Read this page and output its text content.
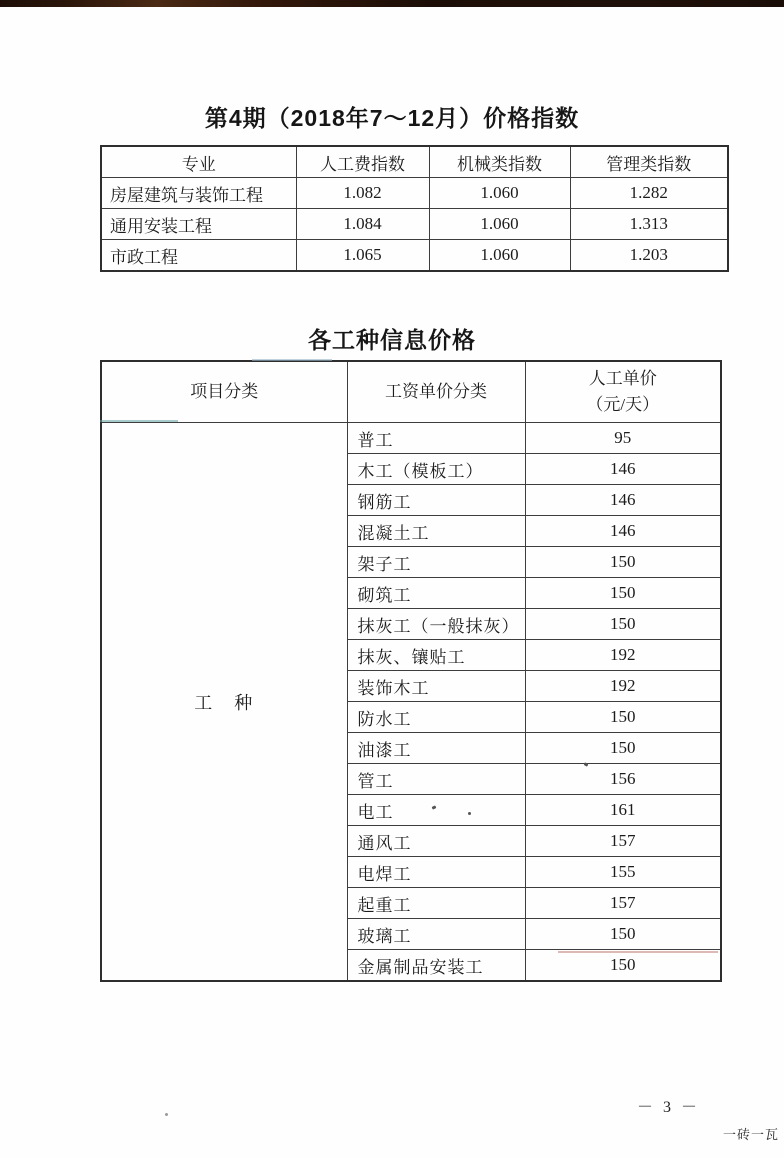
第4期（2018年7～12月）价格指数
专业	人工费指数	机械类指数	管理类指数
房屋建筑与装饰工程	1.082	1.060	1.282
通用安装工程	1.084	1.060	1.313
市政工程	1.065	1.060	1.203
各工种信息价格
项目分类	工资单价分类	人工单价
（元/天）

工　种	普工	95
	木工（模板工）	146
	钢筋工	146
	混凝土工	146
	架子工	150
	砌筑工	150
	抹灰工（一般抹灰）	150
	抹灰、镶贴工	192
	装饰木工	192
	防水工	150
	油漆工	150
	管工	156
	电工	161
	通风工	157
	电焊工	155
	起重工	157
	玻璃工	150
	金属制品安装工	150
－ 3 －
一砖一瓦
